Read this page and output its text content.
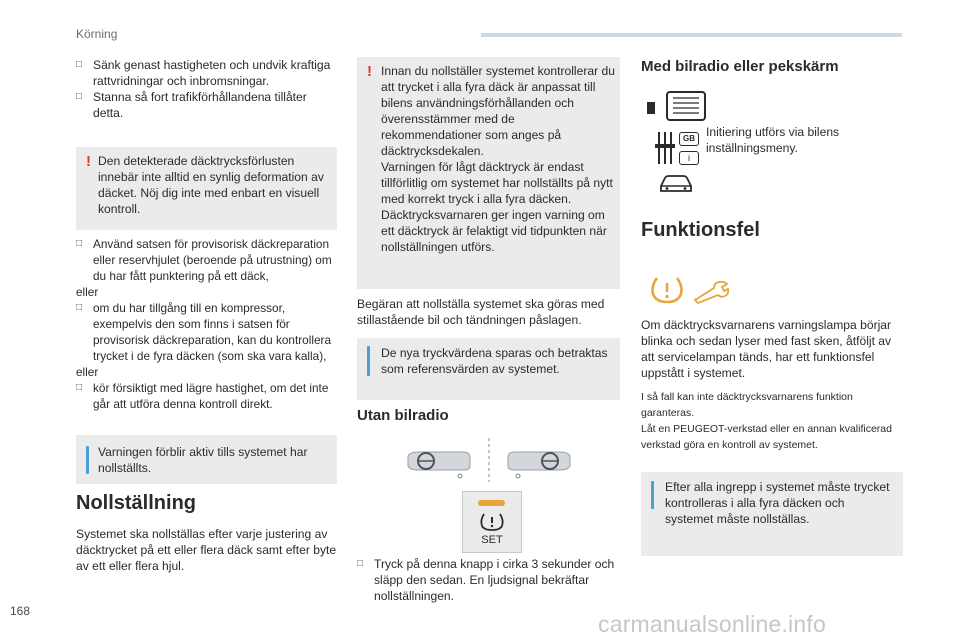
Körning
□ Sänk genast hastigheten och undvik kraftiga rattvridningar och inbromsningar.
□ Stanna så fort trafikförhållandena tillåter detta.
! Den detekterade däcktrycksförlusten innebär inte alltid en synlig deformation av däcket. Nöj dig inte med enbart en visuell kontroll.
□ Använd satsen för provisorisk däckreparation eller reservhjulet (beroende på utrustning) om du har fått punktering på ett däck,

eller

□ om du har tillgång till en kompressor, exempelvis den som finns i satsen för provisorisk däckreparation, kan du kontrollera trycket i de fyra däcken (som ska vara kalla),

eller

□ kör försiktigt med lägre hastighet, om det inte går att utföra denna kontroll direkt.
Varningen förblir aktiv tills systemet har nollställts.
Nollställning
Systemet ska nollställas efter varje justering av däcktrycket på ett eller flera däck samt efter byte av ett eller flera hjul.
! Innan du nollställer systemet kontrollerar du att trycket i alla fyra däck är anpassat till bilens användningsförhållanden och överensstämmer med de rekommendationer som anges på däcktrycksdekalen.
Varningen för lågt däcktryck är endast tillförlitlig om systemet har nollställts på nytt med korrekt tryck i alla fyra däcken.
Däcktrycksvarnaren ger ingen varning om ett däcktryck är felaktigt vid tidpunkten när nollställningen utförs.
Begäran att nollställa systemet ska göras med stillastående bil och tändningen påslagen.
De nya tryckvärdena sparas och betraktas som referensvärden av systemet.
Utan bilradio
SET
□ Tryck på denna knapp i cirka 3 sekunder och släpp den sedan. En ljudsignal bekräftar nollställningen.
Med bilradio eller pekskärm
GB
i
Initiering utförs via bilens inställningsmeny.
Funktionsfel
Om däcktrycksvarnarens varningslampa börjar blinka och sedan lyser med fast sken, åtföljt av att servicelampan tänds, har ett funktionsfel uppstått i systemet.
I så fall kan inte däcktrycksvarnarens funktion garanteras.
Låt en PEUGEOT-verkstad eller en annan kvalificerad verkstad göra en kontroll av systemet.
Efter alla ingrepp i systemet måste trycket kontrolleras i alla fyra däcken och systemet måste nollställas.
168	carmanualsonline.info
